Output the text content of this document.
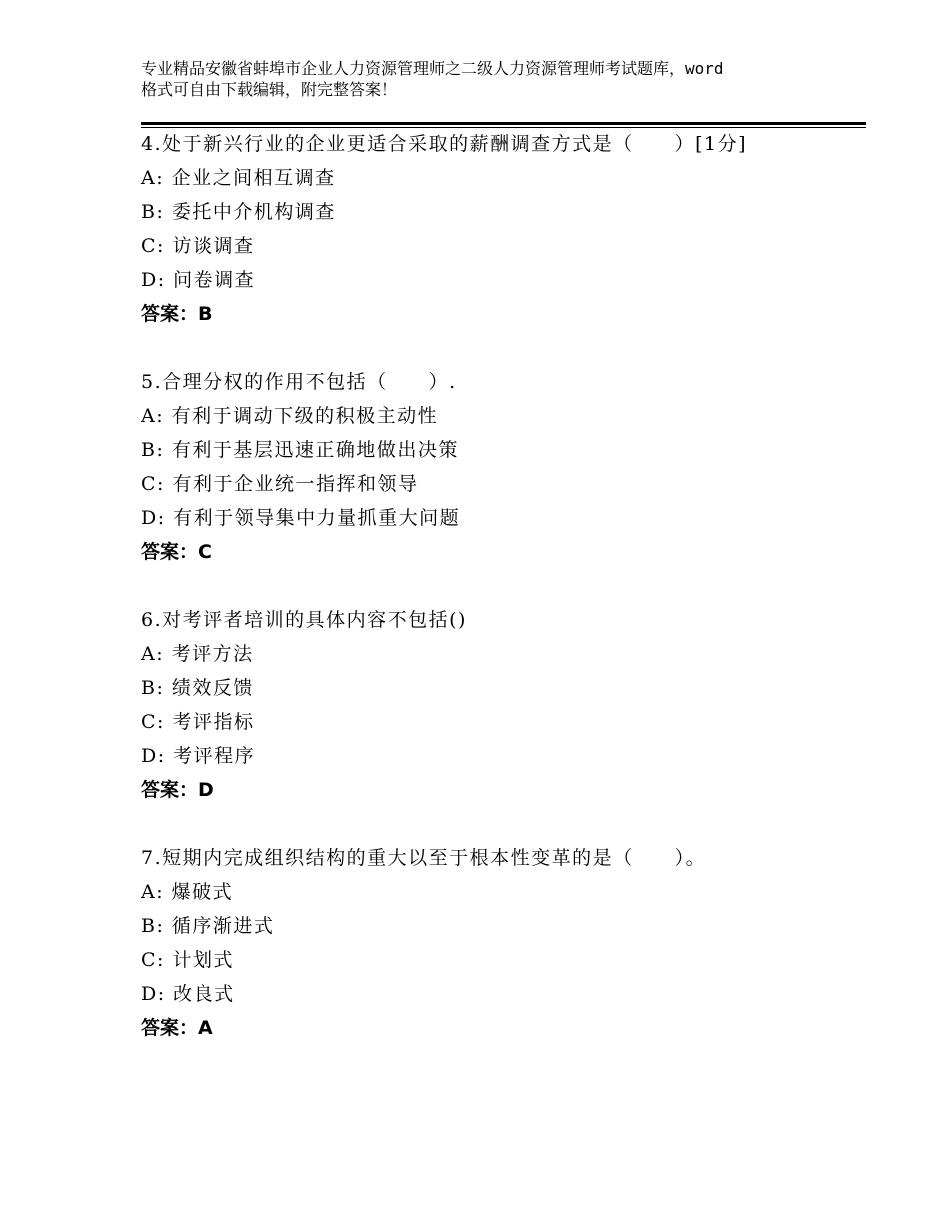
专业精品安徽省蚌埠市企业人力资源管理师之二级人力资源管理师考试题库，word
格式可自由下载编辑，附完整答案！
4.处于新兴行业的企业更适合采取的薪酬调查方式是（　　）[1分]
A: 企业之间相互调查
B: 委托中介机构调查
C: 访谈调查
D: 问卷调查
答案：B
5.合理分权的作用不包括（　　）.
A: 有利于调动下级的积极主动性
B: 有利于基层迅速正确地做出决策
C: 有利于企业统一指挥和领导
D: 有利于领导集中力量抓重大问题
答案：C
6.对考评者培训的具体内容不包括()
A: 考评方法
B: 绩效反馈
C: 考评指标
D: 考评程序
答案：D
7.短期内完成组织结构的重大以至于根本性变革的是（　　）。
A: 爆破式
B: 循序渐进式
C: 计划式
D: 改良式
答案：A
